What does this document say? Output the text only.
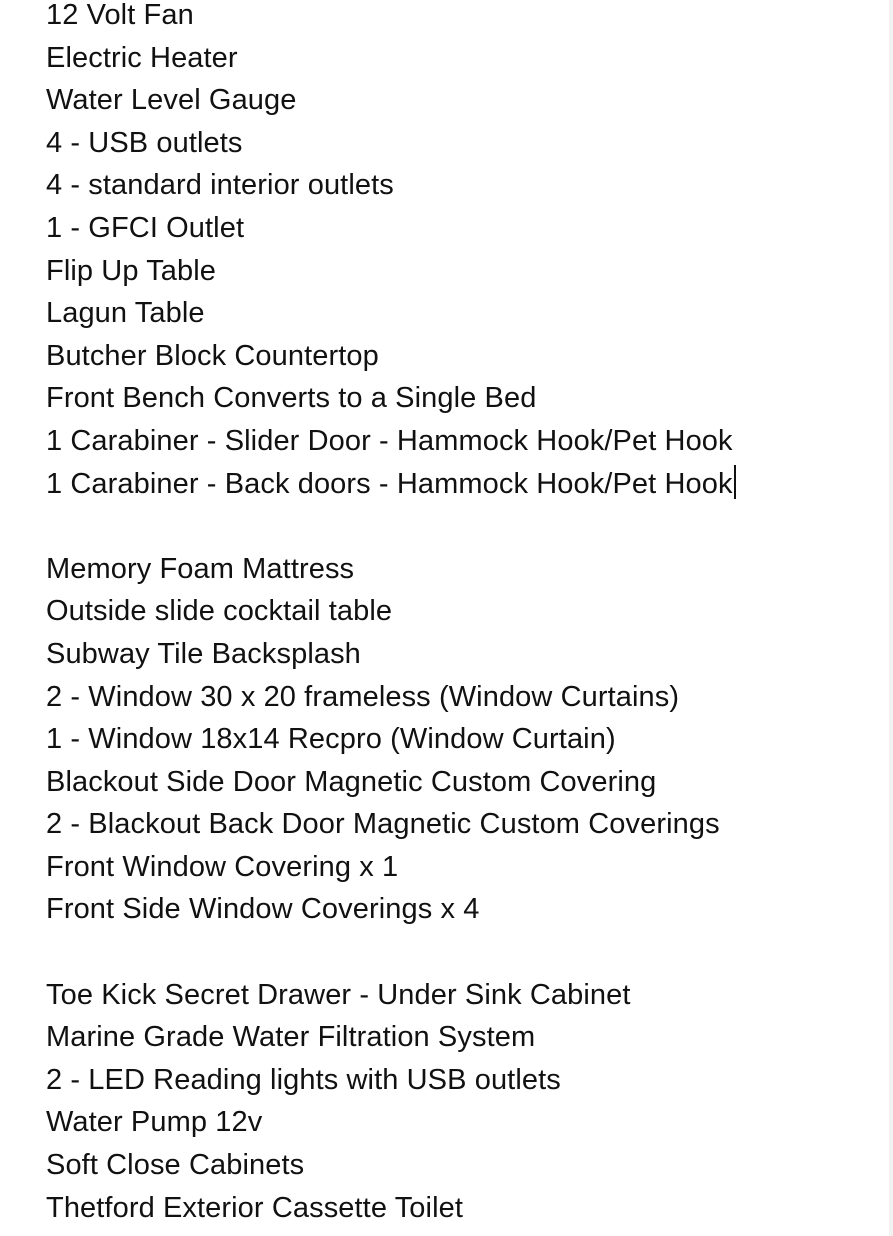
12 Volt Fan
Electric Heater
Water Level Gauge
4 - USB outlets
4 - standard interior outlets
1 - GFCI Outlet
Flip Up Table
Lagun Table
Butcher Block Countertop
Front Bench Converts to a Single Bed
1 Carabiner - Slider Door - Hammock Hook/Pet Hook
1 Carabiner - Back doors - Hammock Hook/Pet Hook
Memory Foam Mattress
Outside slide cocktail table
Subway Tile Backsplash
2 - Window 30 x 20 frameless (Window Curtains)
1 - Window 18x14 Recpro (Window Curtain)
Blackout Side Door Magnetic Custom Covering
2 - Blackout Back Door Magnetic Custom Coverings
Front Window Covering x 1
Front Side Window Coverings x 4
Toe Kick Secret Drawer - Under Sink Cabinet
Marine Grade Water Filtration System
2 - LED Reading lights with USB outlets
Water Pump 12v
Soft Close Cabinets
Thetford Exterior Cassette Toilet
